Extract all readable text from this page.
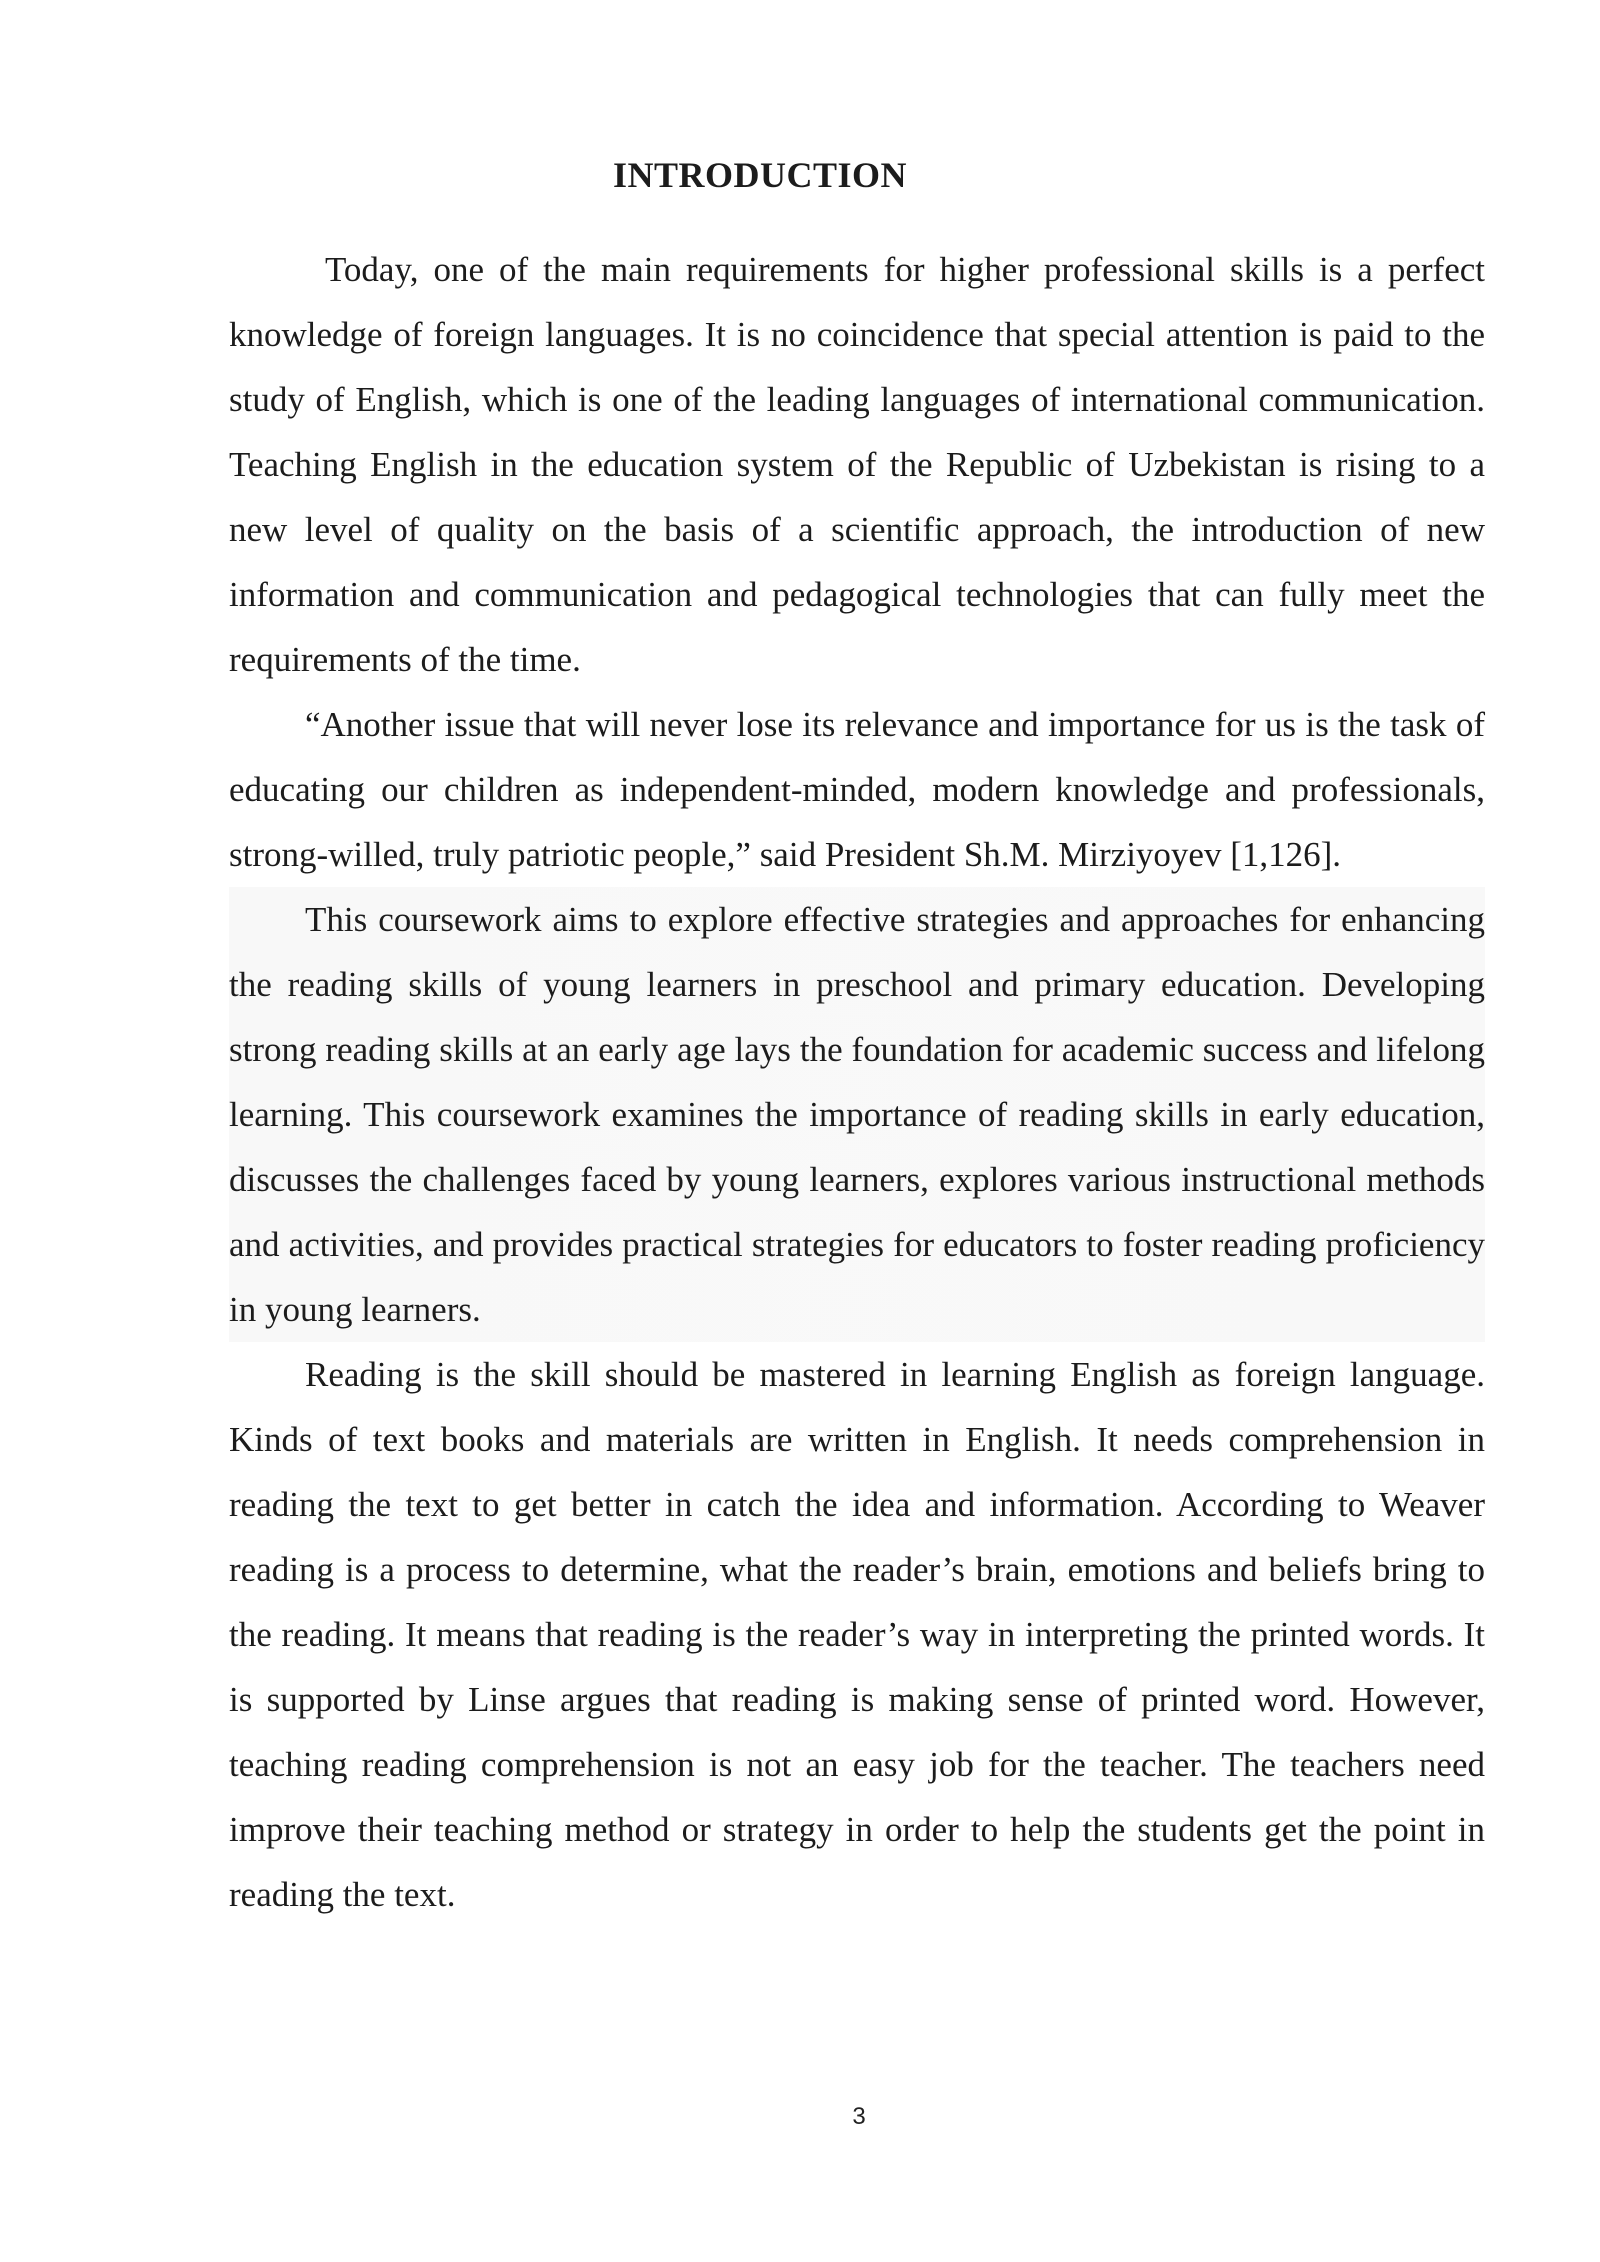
INTRODUCTION

Today, one of the main requirements for higher professional skills is a perfect knowledge of foreign languages. It is no coincidence that special attention is paid to the study of English, which is one of the leading languages of international communication. Teaching English in the education system of the Republic of Uzbekistan is rising to a new level of quality on the basis of a scientific approach, the introduction of new information and communication and pedagogical technologies that can fully meet the requirements of the time.

“Another issue that will never lose its relevance and importance for us is the task of educating our children as independent-minded, modern knowledge and professionals, strong-willed, truly patriotic people,” said President Sh.M. Mirziyoyev [1,126].

This coursework aims to explore effective strategies and approaches for enhancing the reading skills of young learners in preschool and primary education. Developing strong reading skills at an early age lays the foundation for academic success and lifelong learning. This coursework examines the importance of reading skills in early education, discusses the challenges faced by young learners, explores various instructional methods and activities, and provides practical strategies for educators to foster reading proficiency in young learners.

Reading is the skill should be mastered in learning English as foreign language. Kinds of text books and materials are written in English. It needs comprehension in reading the text to get better in catch the idea and information. According to Weaver reading is a process to determine, what the reader’s brain, emotions and beliefs bring to the reading. It means that reading is the reader’s way in interpreting the printed words. It is supported by Linse argues that reading is making sense of printed word. However, teaching reading comprehension is not an easy job for the teacher. The teachers need improve their teaching method or strategy in order to help the students get the point in reading the text.

3
